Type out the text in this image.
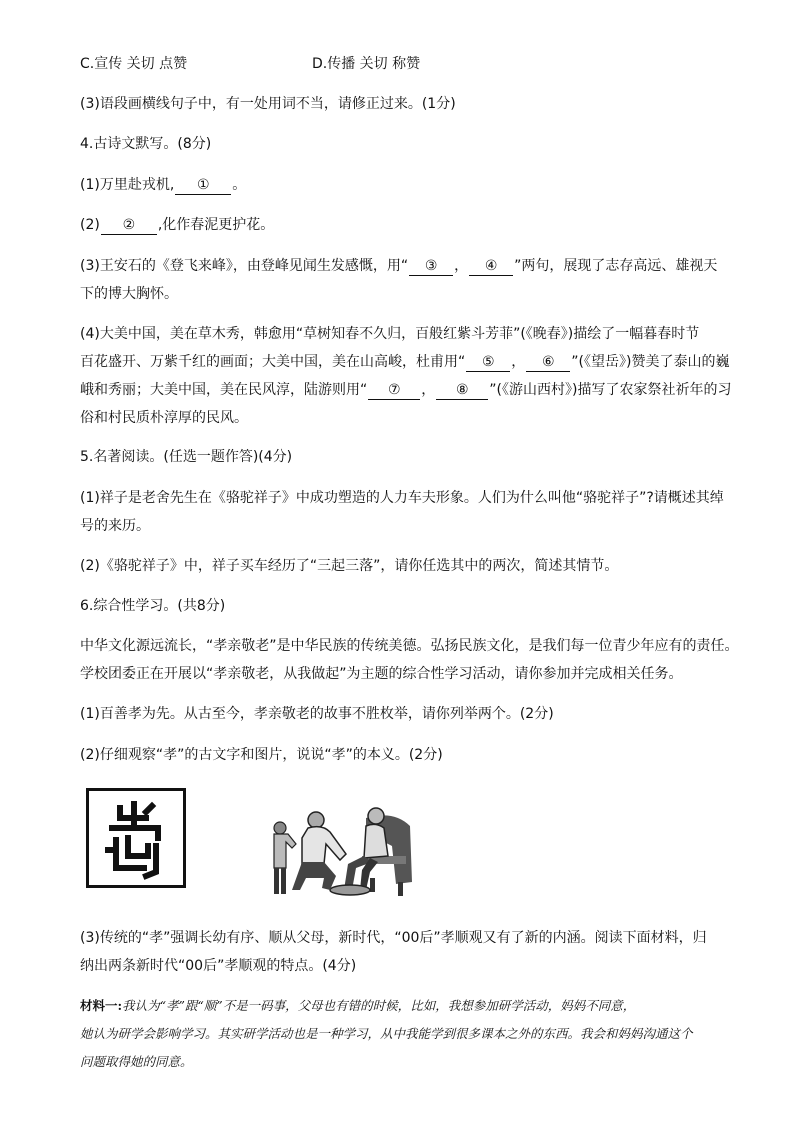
C.宣传 关切 点赞	D.传播 关切 称赞
(3)语段画横线句子中，有一处用词不当，请修正过来。(1分)
4.古诗文默写。(8分)
(1)万里赴戎机, ① 。
(2) ② ,化作春泥更护花。
(3)王安石的《登飞来峰》，由登峰见闻生发感慨，用“ ③ ， ④ ”两句，展现了志存高远、雄视天
下的博大胸怀。
(4)大美中国，美在草木秀，韩愈用“草树知春不久归，百般红紫斗芳菲”(《晚春》)描绘了一幅暮春时节
百花盛开、万紫千红的画面；大美中国，美在山高峻，杜甫用“ ⑤ ， ⑥ ”(《望岳》)赞美了泰山的巍
峨和秀丽；大美中国，美在民风淳，陆游则用“ ⑦ ， ⑧ ”(《游山西村》)描写了农家祭社祈年的习
俗和村民质朴淳厚的民风。
5.名著阅读。(任选一题作答)(4分)
(1)祥子是老舍先生在《骆驼祥子》中成功塑造的人力车夫形象。人们为什么叫他“骆驼祥子”?请概述其绰
号的来历。
(2)《骆驼祥子》中，祥子买车经历了“三起三落”，请你任选其中的两次，简述其情节。
6.综合性学习。(共8分)
中华文化源远流长，“孝亲敬老”是中华民族的传统美德。弘扬民族文化，是我们每一位青少年应有的责任。
学校团委正在开展以“孝亲敬老，从我做起”为主题的综合性学习活动，请你参加并完成相关任务。
(1)百善孝为先。从古至今，孝亲敬老的故事不胜枚举，请你列举两个。(2分)
(2)仔细观察“孝”的古文字和图片，说说“孝”的本义。(2分)
(3)传统的“孝”强调长幼有序、顺从父母，新时代，“00后”孝顺观又有了新的内涵。阅读下面材料，归
纳出两条新时代“00后”孝顺观的特点。(4分)
材料一:我认为“孝”跟“顺”不是一码事，父母也有错的时候，比如，我想参加研学活动，妈妈不同意，
她认为研学会影响学习。其实研学活动也是一种学习，从中我能学到很多课本之外的东西。我会和妈妈沟通这个
问题取得她的同意。
